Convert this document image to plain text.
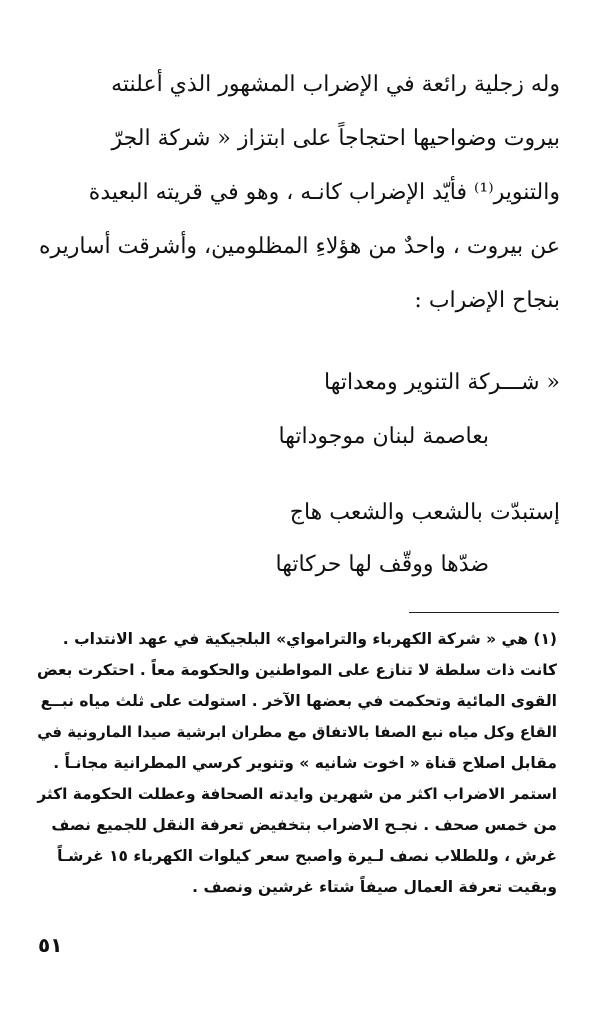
وله زجلية رائعة في الإضراب المشهور الذي أعلنته
بيروت وضواحيها احتجاجاً على ابتزاز « شركة الجرّ
والتنوير⁽¹⁾ فأيّد الإضراب كانـه ، وهو في قريته البعيدة
عن بيروت ، واحدٌ من هؤلاءِ المظلومين، وأشرقت أساريره
بنجاح الإضراب :
« شـــركة التنوير ومعداتها
بعاصمة لبنان موجوداتها
إستبدّت بالشعب والشعب هاج
ضدّها ووقّف لها حركاتها
(١) هي « شركة الكهرباء والترامواي» البلجيكية في عهد الانتداب .
كانت ذات سلطة لا تنازع على المواطنين والحكومة معاً . احتكرت بعض
القوى المائية وتحكمت في بعضها الآخر . استولت على ثلث مياه نبــع
القاع وكل مياه نبع الصفا بالاتفاق مع مطران ابرشية صيدا المارونية في
مقابل اصلاح قناة « اخوت شانيه » وتنوير كرسي المطرانية مجانـاً .
استمر الاضراب اكثر من شهرين وايدته الصحافة وعطلت الحكومة اكثر
من خمس صحف . نجـح الاضراب بتخفيض تعرفة النقل للجميع نصف
غرش ، وللطلاب نصف لـيرة واصبح سعر كيلوات الكهرباء ١٥ غرشـاً
وبقيت تعرفة العمال صيفاً شتاء غرشين ونصف .
٥١
